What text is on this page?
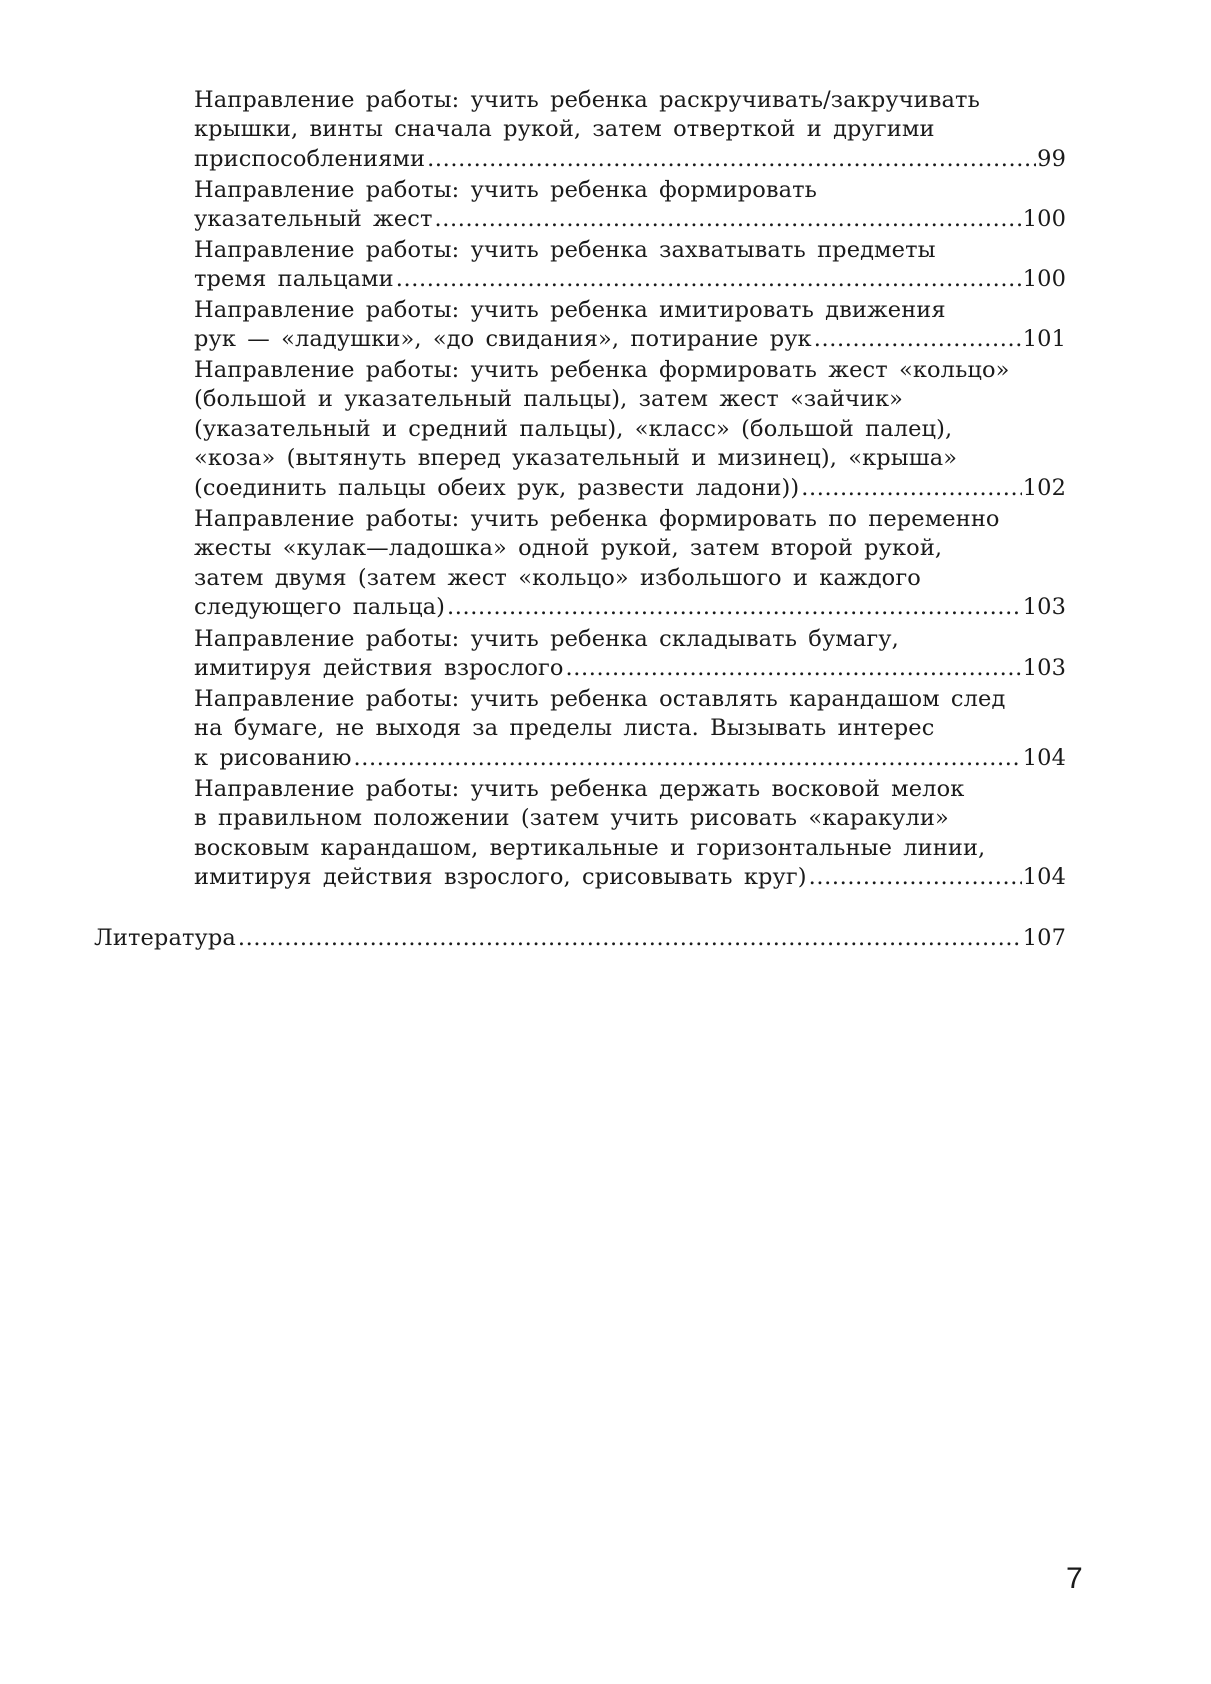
Направление работы: учить ребенка раскручивать/закручивать
крышки, винты сначала рукой, затем отверткой и другими
приспособлениями .....	99
Направление работы: учить ребенка формировать
указательный жест .....	100
Направление работы: учить ребенка захватывать предметы
тремя пальцами .....	100
Направление работы: учить ребенка имитировать движения
рук — «ладушки», «до свидания», потирание рук .....	101
Направление работы: учить ребенка формировать жест «кольцо»
(большой и указательный пальцы), затем жест «зайчик»
(указательный и средний пальцы), «класс» (большой палец),
«коза» (вытянуть вперед указательный и мизинец), «крыша»
(соединить пальцы обеих рук, развести ладони)) .....	102
Направление работы: учить ребенка формировать по переменно
жесты «кулак—ладошка» одной рукой, затем второй рукой,
затем двумя (затем жест «кольцо» избольшого и каждого
следующего пальца) .....	103
Направление работы: учить ребенка складывать бумагу,
имитируя действия взрослого .....	103
Направление работы: учить ребенка оставлять карандашом след
на бумаге, не выходя за пределы листа. Вызывать интерес
к рисованию .....	104
Направление работы: учить ребенка держать восковой мелок
в правильном положении (затем учить рисовать «каракули»
восковым карандашом, вертикальные и горизонтальные линии,
имитируя действия взрослого, срисовывать круг) .....	104
Литература .....	107
7
